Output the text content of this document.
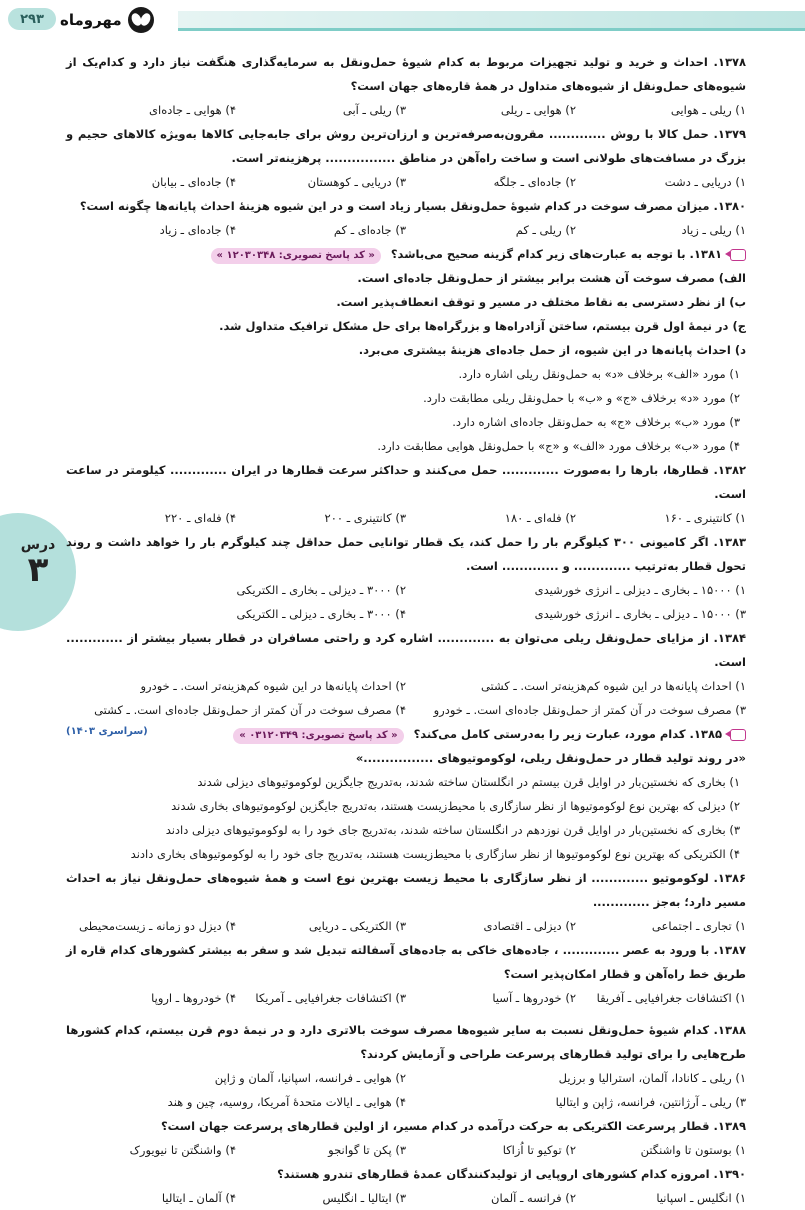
۲۹۳	مهروماه
درس
۳
۱۳۷۸. احداث و خرید و تولید تجهیزات مربوط به کدام شیوهٔ حمل‌ونقل به سرمایه‌گذاری هنگفت نیاز دارد و کدام‌یک از شیوه‌های حمل‌ونقل از شیوه‌های متداول در همهٔ قاره‌های جهان است؟
۱) ریلی ـ هوایی
۲) هوایی ـ ریلی
۳) ریلی ـ آبی
۴) هوایی ـ جاده‌ای
۱۳۷۹. حمل کالا با روش ............. مقرون‌به‌صرفه‌ترین و ارزان‌ترین روش برای جابه‌جایی کالاها به‌ویژه کالاهای حجیم و بزرگ در مسافت‌های طولانی است و ساخت راه‌آهن در مناطق ................ پرهزینه‌تر است.
۱) دریایی ـ دشت
۲) جاده‌ای ـ جلگه
۳) دریایی ـ کوهستان
۴) جاده‌ای ـ بیابان
۱۳۸۰. میزان مصرف سوخت در کدام شیوهٔ حمل‌ونقل بسیار زیاد است و در این شیوه هزینهٔ احداث پایانه‌ها چگونه است؟
۱) ریلی ـ زیاد
۲) ریلی ـ کم
۳) جاده‌ای ـ کم
۴) جاده‌ای ـ زیاد
۱۳۸۱. با توجه به عبارت‌های زیر کدام گزینه صحیح می‌باشد؟ « کد پاسخ تصویری: ۱۲۰۳۰۳۴۸ »
الف) مصرف سوخت آن هشت برابر بیشتر از حمل‌ونقل جاده‌ای است.
ب) از نظر دسترسی به نقاط مختلف در مسیر و توقف انعطاف‌پذیر است.
ج) در نیمهٔ اول قرن بیستم، ساختن آزادراه‌ها و بزرگراه‌ها برای حل مشکل ترافیک متداول شد.
د) احداث پایانه‌ها در این شیوه، از حمل جاده‌ای هزینهٔ بیشتری می‌برد.
۱) مورد «الف» برخلاف «د» به حمل‌ونقل ریلی اشاره دارد.
۲) مورد «د» برخلاف «ج» و «ب» با حمل‌ونقل ریلی مطابقت دارد.
۳) مورد «ب» برخلاف «ج» به حمل‌ونقل جاده‌ای اشاره دارد.
۴) مورد «ب» برخلاف مورد «الف» و «ج» با حمل‌ونقل هوایی مطابقت دارد.
۱۳۸۲. قطارها، بارها را به‌صورت ............. حمل می‌کنند و حداکثر سرعت قطارها در ایران ............. کیلومتر در ساعت است.
۱) کانتینری ـ ۱۶۰
۲) فله‌ای ـ ۱۸۰
۳) کانتینری ـ ۲۰۰
۴) فله‌ای ـ ۲۲۰
۱۳۸۳. اگر کامیونی ۳۰۰ کیلوگرم بار را حمل کند، یک قطار توانایی حمل حداقل چند کیلوگرم بار را خواهد داشت و روند تحول قطار به‌ترتیب ............. و ............. است.
۱) ۱۵۰۰۰ ـ بخاری ـ دیزلی ـ انرژی خورشیدی
۲) ۳۰۰۰ ـ دیزلی ـ بخاری ـ الکتریکی
۳) ۱۵۰۰۰ ـ دیزلی ـ بخاری ـ انرژی خورشیدی
۴) ۳۰۰۰ ـ بخاری ـ دیزلی ـ الکتریکی
۱۳۸۴. از مزایای حمل‌ونقل ریلی می‌توان به ............. اشاره کرد و راحتی مسافران در قطار بسیار بیشتر از ............. است.
۱) احداث پایانه‌ها در این شیوه کم‌هزینه‌تر است. ـ کشتی
۲) احداث پایانه‌ها در این شیوه کم‌هزینه‌تر است. ـ خودرو
۳) مصرف سوخت در آن کمتر از حمل‌ونقل جاده‌ای است. ـ خودرو
۴) مصرف سوخت در آن کمتر از حمل‌ونقل جاده‌ای است. ـ کشتی
۱۳۸۵. کدام مورد، عبارت زیر را به‌درستی کامل می‌کند؟ « کد پاسخ تصویری: ۰۳۱۲۰۳۴۹ »
(سراسری ۱۴۰۳)
«در روند تولید قطار در حمل‌ونقل ریلی، لوکوموتیوهای ................»
۱) بخاری که نخستین‌بار در اوایل قرن بیستم در انگلستان ساخته شدند، به‌تدریج جایگزین لوکوموتیوهای دیزلی شدند
۲) دیزلی که بهترین نوع لوکوموتیوها از نظر سازگاری با محیط‌زیست هستند، به‌تدریج جایگزین لوکوموتیوهای بخاری شدند
۳) بخاری که نخستین‌بار در اوایل قرن نوزدهم در انگلستان ساخته شدند، به‌تدریج جای خود را به لوکوموتیوهای دیزلی دادند
۴) الکتریکی که بهترین نوع لوکوموتیوها از نظر سازگاری با محیط‌زیست هستند، به‌تدریج جای خود را به لوکوموتیوهای بخاری دادند
۱۳۸۶. لوکوموتیو ............. از نظر سازگاری با محیط زیست بهترین نوع است و همهٔ شیوه‌های حمل‌ونقل نیاز به احداث مسیر دارد؛ به‌جز .............
۱) تجاری ـ اجتماعی
۲) دیزلی ـ اقتصادی
۳) الکتریکی ـ دریایی
۴) دیزل دو زمانه ـ زیست‌محیطی
۱۳۸۷. با ورود به عصر ............. ، جاده‌های خاکی به جاده‌های آسفالته تبدیل شد و سفر به بیشتر کشورهای کدام قاره از طریق خط راه‌آهن و قطار امکان‌پذیر است؟
۱) اکتشافات جغرافیایی ـ آفریقا
۲) خودروها ـ آسیا
۳) اکتشافات جغرافیایی ـ آمریکا
۴) خودروها ـ اروپا
۱۳۸۸. کدام شیوهٔ حمل‌ونقل نسبت به سایر شیوه‌ها مصرف سوخت بالاتری دارد و در نیمهٔ دوم قرن بیستم، کدام کشورها طرح‌هایی را برای تولید قطارهای پرسرعت طراحی و آزمایش کردند؟
۱) ریلی ـ کانادا، آلمان، استرالیا و برزیل
۲) هوایی ـ فرانسه، اسپانیا، آلمان و ژاپن
۳) ریلی ـ آرژانتین، فرانسه، ژاپن و ایتالیا
۴) هوایی ـ ایالات متحدهٔ آمریکا، روسیه، چین و هند
۱۳۸۹. قطار پرسرعت الکتریکی به حرکت درآمده در کدام مسیر، از اولین قطارهای پرسرعت جهان است؟
۱) بوستون تا واشنگتن
۲) توکیو تا اُزاکا
۳) پکن تا گوانجو
۴) واشنگتن تا نیویورک
۱۳۹۰. امروزه کدام کشورهای اروپایی از تولیدکنندگان عمدهٔ قطارهای تندرو هستند؟
۱) انگلیس ـ اسپانیا
۲) فرانسه ـ آلمان
۳) ایتالیا ـ انگلیس
۴) آلمان ـ ایتالیا
